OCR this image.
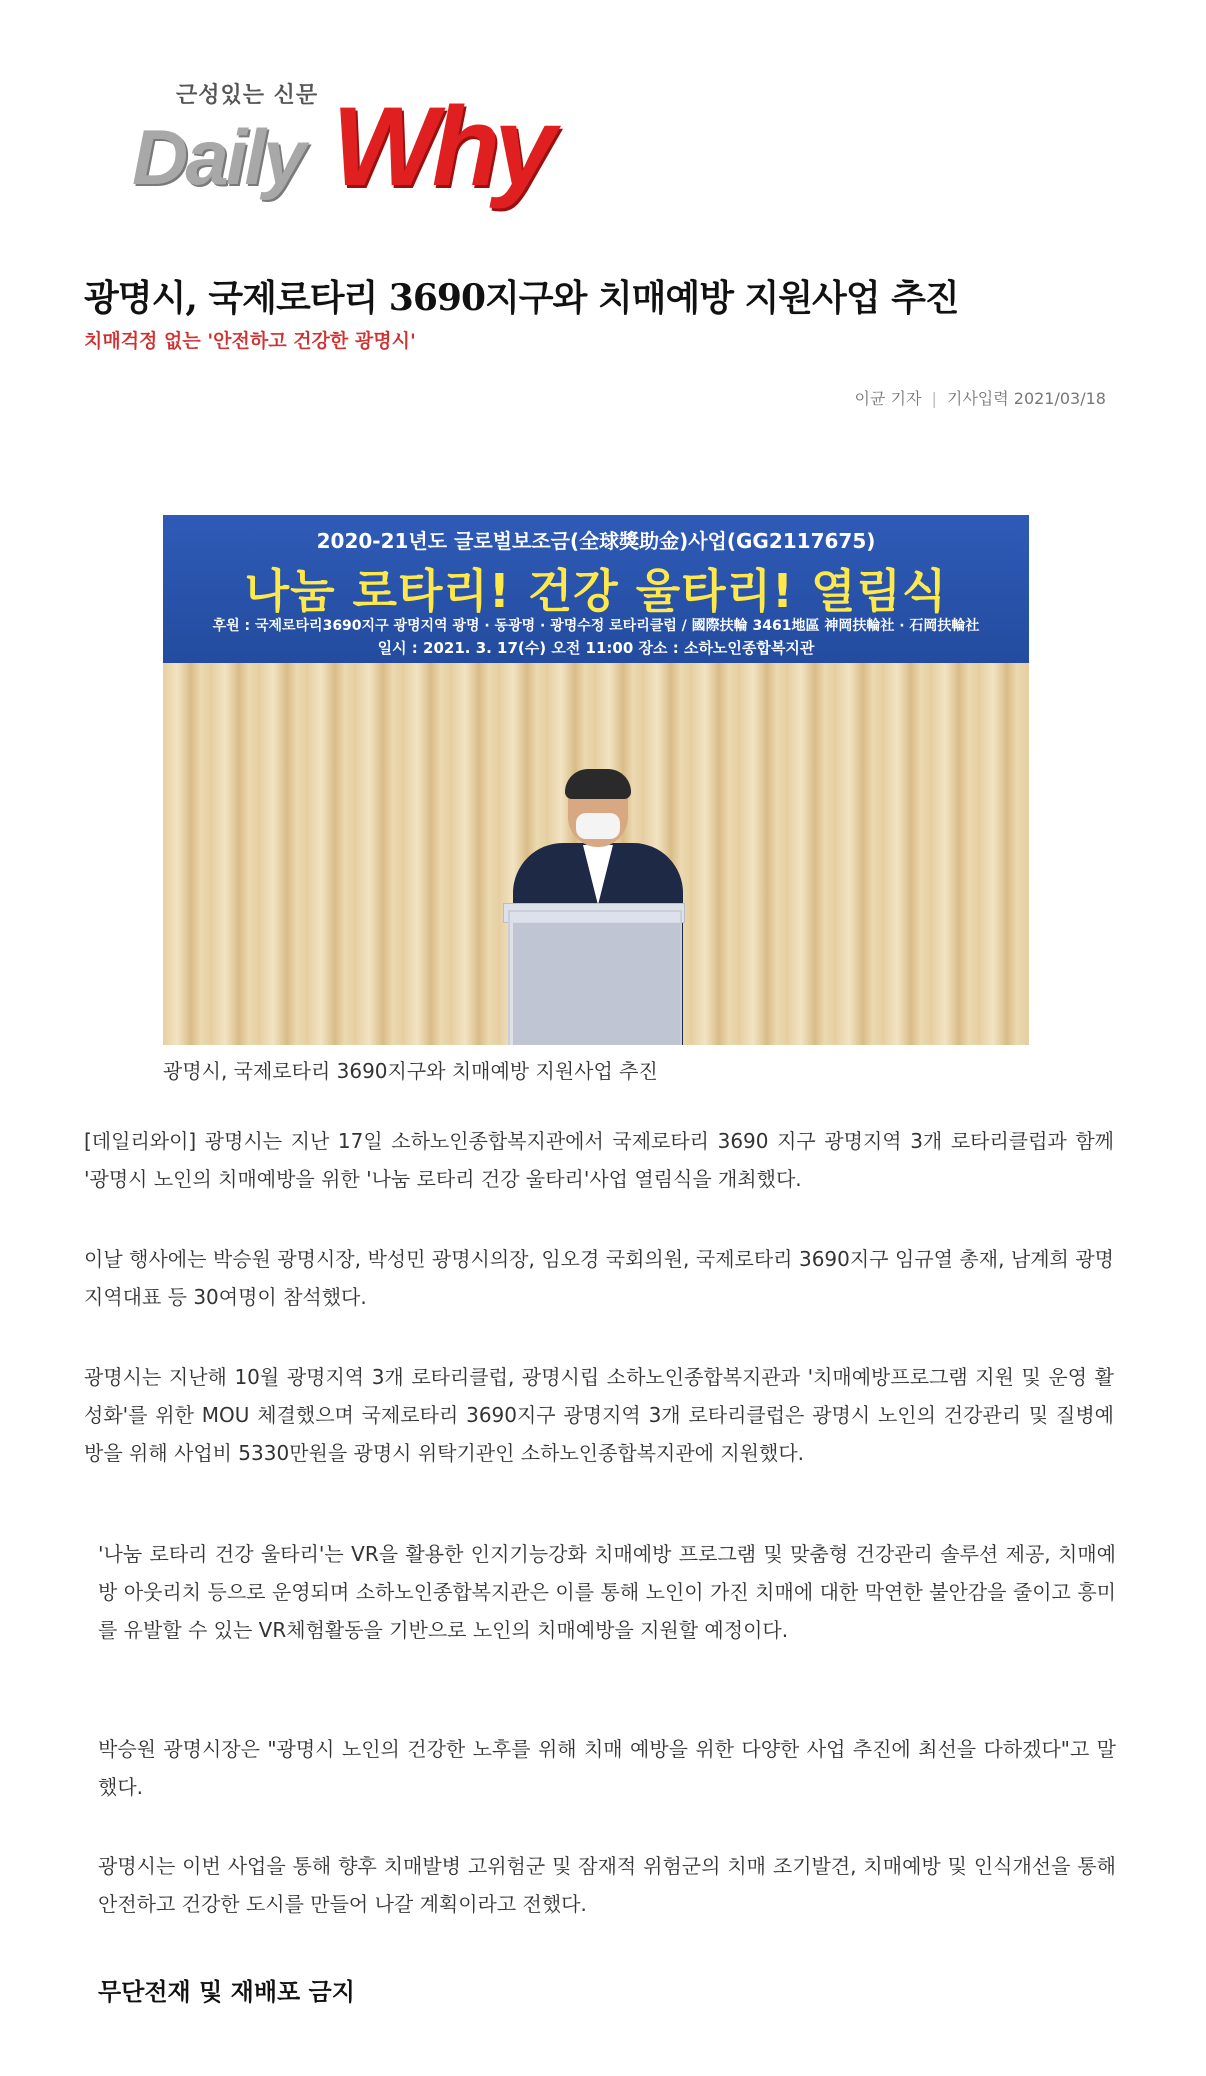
근성있는 신문
Daily Why
광명시, 국제로타리 3690지구와 치매예방 지원사업 추진
치매걱정 없는 '안전하고 건강한 광명시'
이균 기자 | 기사입력 2021/03/18
2020-21년도 글로벌보조금(全球獎助金)사업(GG2117675)
나눔 로타리! 건강 울타리! 열림식
후원 : 국제로타리3690지구 광명지역 광명 · 동광명 · 광명수정 로타리클럽 / 國際扶輪 3461地區 神岡扶輪社 · 石岡扶輪社
일시 : 2021. 3. 17(수) 오전 11:00 장소 : 소하노인종합복지관
광명시, 국제로타리 3690지구와 치매예방 지원사업 추진

[데일리와이] 광명시는 지난 17일 소하노인종합복지관에서 국제로타리 3690 지구 광명지역 3개 로타리클럽과 함께 '광명시 노인의 치매예방을 위한 '나눔 로타리 건강 울타리'사업 열림식을 개최했다.

이날 행사에는 박승원 광명시장, 박성민 광명시의장, 임오경 국회의원, 국제로타리 3690지구 임규열 총재, 남계희 광명지역대표 등 30여명이 참석했다.

광명시는 지난해 10월 광명지역 3개 로타리클럽, 광명시립 소하노인종합복지관과 '치매예방프로그램 지원 및 운영 활성화'를 위한 MOU 체결했으며 국제로타리 3690지구 광명지역 3개 로타리클럽은 광명시 노인의 건강관리 및 질병예방을 위해 사업비 5330만원을 광명시 위탁기관인 소하노인종합복지관에 지원했다.

'나눔 로타리 건강 울타리'는 VR을 활용한 인지기능강화 치매예방 프로그램 및 맞춤형 건강관리 솔루션 제공, 치매예방 아웃리치 등으로 운영되며 소하노인종합복지관은 이를 통해 노인이 가진 치매에 대한 막연한 불안감을 줄이고 흥미를 유발할 수 있는 VR체험활동을 기반으로 노인의 치매예방을 지원할 예정이다.

박승원 광명시장은 "광명시 노인의 건강한 노후를 위해 치매 예방을 위한 다양한 사업 추진에 최선을 다하겠다"고 말했다.

광명시는 이번 사업을 통해 향후 치매발병 고위험군 및 잠재적 위험군의 치매 조기발견, 치매예방 및 인식개선을 통해 안전하고 건강한 도시를 만들어 나갈 계획이라고 전했다.

무단전재 및 재배포 금지
